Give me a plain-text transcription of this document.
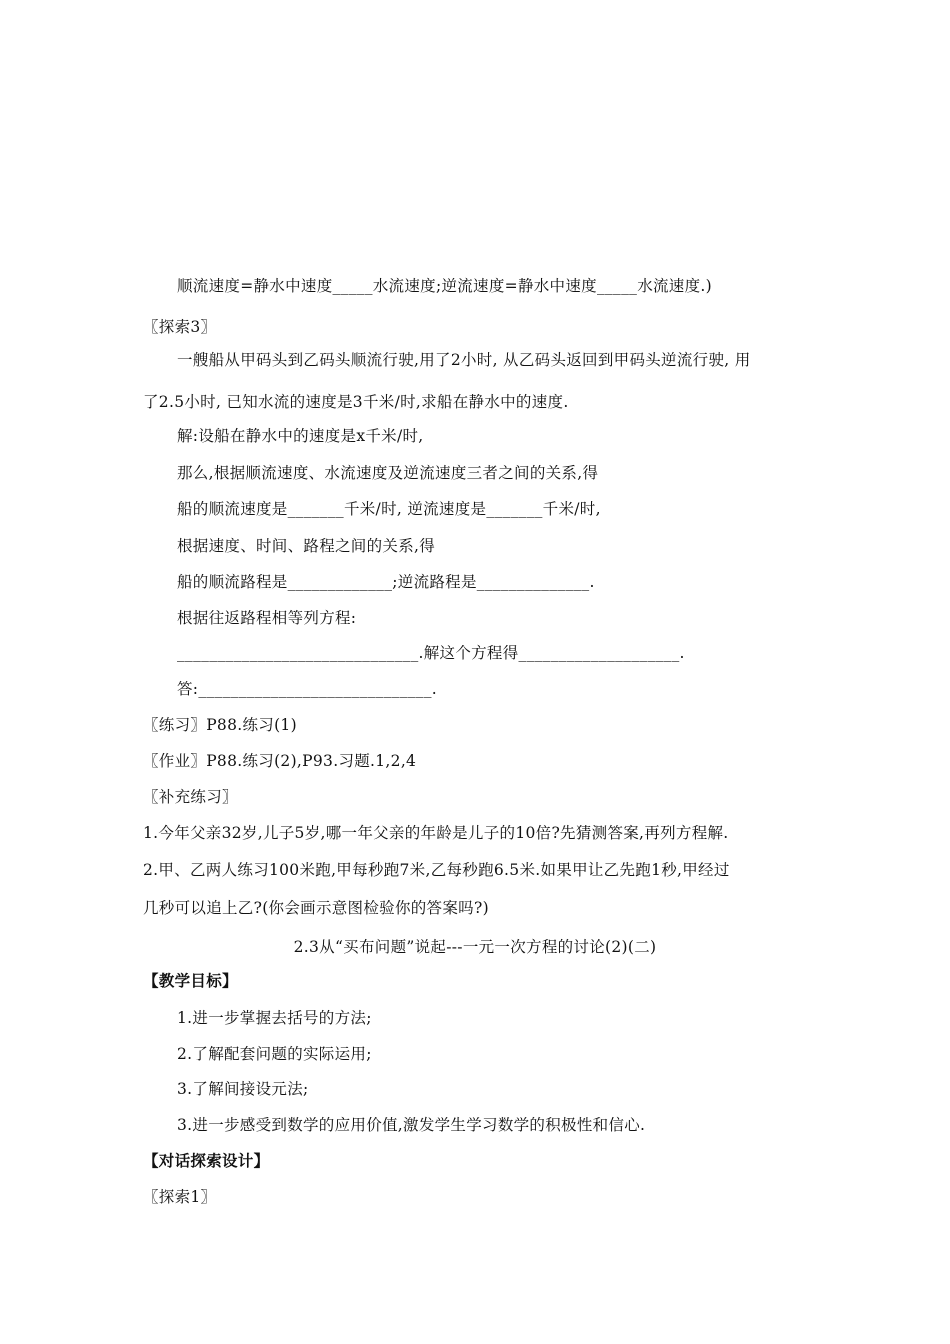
顺流速度=静水中速度_____水流速度;逆流速度=静水中速度_____水流速度.)
〖探索3〗
一艘船从甲码头到乙码头顺流行驶,用了2小时, 从乙码头返回到甲码头逆流行驶, 用
了2.5小时, 已知水流的速度是3千米/时,求船在静水中的速度.
解:设船在静水中的速度是x千米/时,
那么,根据顺流速度、水流速度及逆流速度三者之间的关系,得
船的顺流速度是_______千米/时, 逆流速度是_______千米/时,
根据速度、时间、路程之间的关系,得
船的顺流路程是_____________;逆流路程是______________.
根据往返路程相等列方程:
______________________________.解这个方程得____________________.
答:_____________________________.
〖练习〗P88.练习(1)
〖作业〗P88.练习(2),P93.习题.1,2,4
〖补充练习〗
1.今年父亲32岁,儿子5岁,哪一年父亲的年龄是儿子的10倍?先猜测答案,再列方程解.
2.甲、乙两人练习100米跑,甲每秒跑7米,乙每秒跑6.5米.如果甲让乙先跑1秒,甲经过
几秒可以追上乙?(你会画示意图检验你的答案吗?)
2.3从“买布问题”说起---一元一次方程的讨论(2)(二)
【教学目标】
1.进一步掌握去括号的方法;
2.了解配套问题的实际运用;
3.了解间接设元法;
3.进一步感受到数学的应用价值,激发学生学习数学的积极性和信心.
【对话探索设计】
〖探索1〗
